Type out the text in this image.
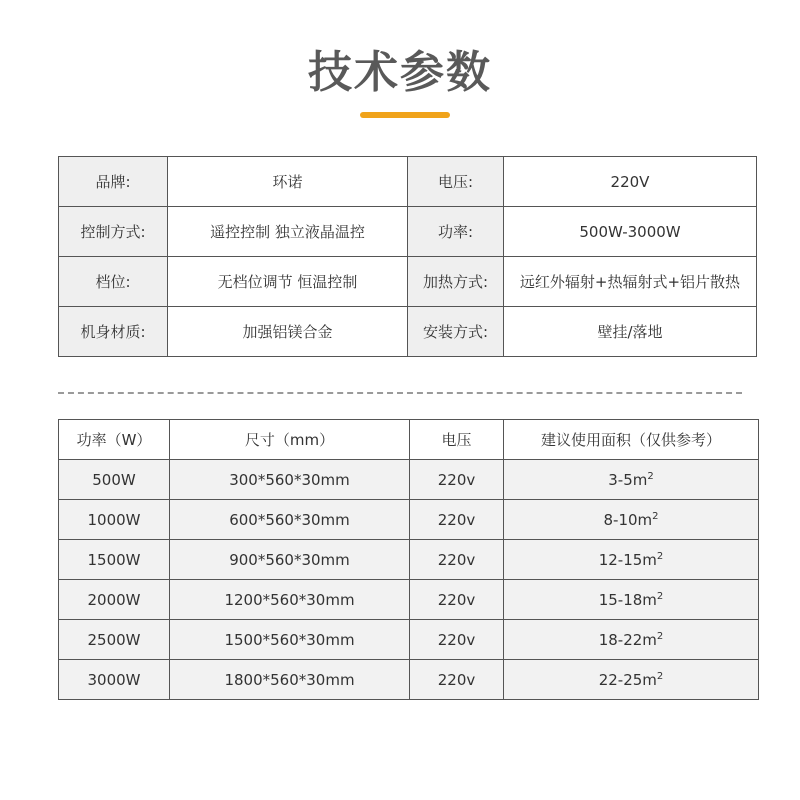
技术参数
品牌:	环诺	电压:	220V
控制方式:	遥控控制 独立液晶温控	功率:	500W-3000W
档位:	无档位调节 恒温控制	加热方式:	远红外辐射+热辐射式+铝片散热
机身材质:	加强铝镁合金	安装方式:	壁挂/落地
功率（W）	尺寸（mm）	电压	建议使用面积（仅供参考）
500W	300*560*30mm	220v	$3-5m^2$
1000W	600*560*30mm	220v	$8-10m^2$
1500W	900*560*30mm	220v	$12-15m^2$
2000W	1200*560*30mm	220v	$15-18m^2$
2500W	1500*560*30mm	220v	$18-22m^2$
3000W	1800*560*30mm	220v	$22-25m^2$
